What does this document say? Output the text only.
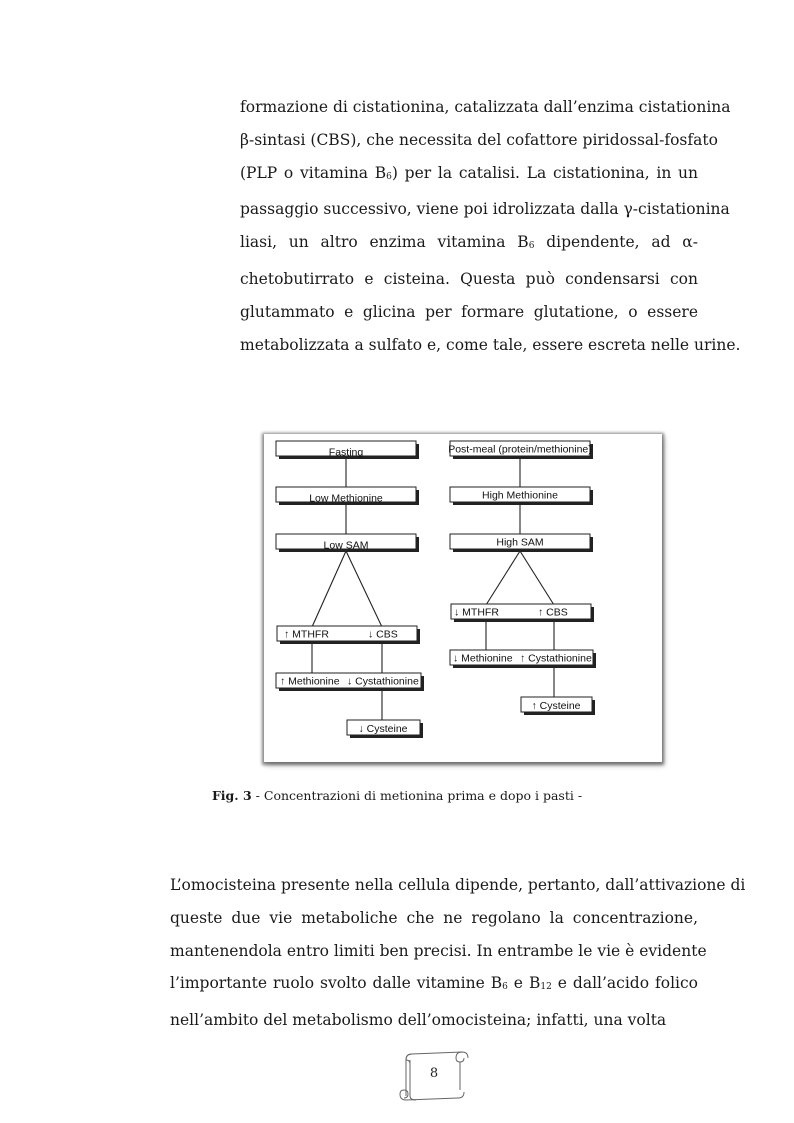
formazione di cistationina, catalizzata dall’enzima cistationina
β-sintasi (CBS), che necessita del cofattore piridossal-fosfato
(PLP o vitamina $B_6$) per la catalisi. La cistationina, in un
passaggio successivo, viene poi idrolizzata dalla γ-cistationina
liasi, un altro enzima vitamina $B_6$ dipendente, ad α-
chetobutirrato e cisteina. Questa può condensarsi con
glutammato e glicina per formare glutatione, o essere
metabolizzata a sulfato e, come tale, essere escreta nelle urine.
Fasting
Low Methionine
Low SAM
↑ MTHFR	↓ CBS
↑ Methionine ↓ Cystathionine
↓ Cysteine
Post-meal (protein/methionine)
High Methionine
High SAM
↓ MTHFR	↑ CBS
↓ Methionine ↑ Cystathionine
↑ Cysteine
Fig. 3 - Concentrazioni di metionina prima e dopo i pasti -
L’omocisteina presente nella cellula dipende, pertanto, dall’attivazione di
queste due vie metaboliche che ne regolano la concentrazione,
mantenendola entro limiti ben precisi. In entrambe le vie è evidente
l’importante ruolo svolto dalle vitamine $B_6$ e $B_{12}$ e dall’acido folico
nell’ambito del metabolismo dell’omocisteina; infatti, una volta
8
